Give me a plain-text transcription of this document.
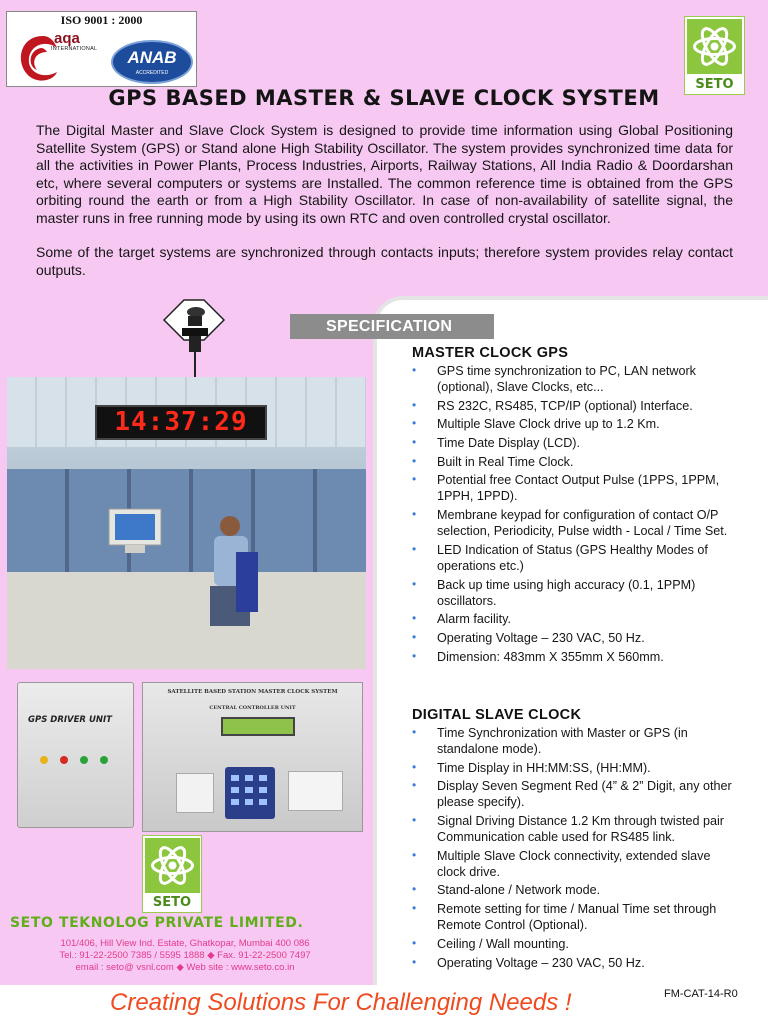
ISO 9001 : 2000
aqa
INTERNATIONAL	ANAB
ACCREDITED
SETO
GPS BASED MASTER & SLAVE CLOCK SYSTEM

The Digital Master and Slave Clock System is designed to provide time information using Global Positioning Satellite System (GPS) or Stand alone High Stability Oscillator. The system provides synchronized time data for all the activities in Power Plants, Process Industries, Airports, Railway Stations, All India Radio & Doordarshan etc, where several computers or systems are Installed. The common reference time is obtained from the GPS orbiting round the earth or from a High Stability Oscillator. In case of non-availability of satellite signal, the master runs in free running mode by using its own RTC and oven controlled crystal oscillator.

Some of the target systems are synchronized through contacts inputs; therefore system provides relay contact outputs.

SPECIFICATION
MASTER CLOCK GPS
• GPS time synchronization to PC, LAN network (optional), Slave Clocks, etc...
• RS 232C, RS485, TCP/IP (optional) Interface.
• Multiple Slave Clock drive up to 1.2 Km.
• Time Date Display (LCD).
• Built in Real Time Clock.
• Potential free Contact Output Pulse (1PPS, 1PPM, 1PPH, 1PPD).
• Membrane keypad for configuration of contact O/P selection, Periodicity, Pulse width - Local / Time Set.
• LED Indication of Status (GPS Healthy Modes of operations etc.)
• Back up time using high accuracy (0.1, 1PPM) oscillators.
• Alarm facility.
• Operating Voltage – 230 VAC, 50 Hz.
• Dimension: 483mm X 355mm X 560mm.
DIGITAL SLAVE CLOCK
• Time Synchronization with Master or GPS (in standalone mode).
• Time Display in HH:MM:SS, (HH:MM).
• Display Seven Segment Red (4” & 2” Digit, any other please specify).
• Signal Driving Distance 1.2 Km through twisted pair Communication cable used for RS485 link.
• Multiple Slave Clock connectivity, extended slave clock drive.
• Stand-alone / Network mode.
• Remote setting for time / Manual Time set through Remote Control (Optional).
• Ceiling / Wall mounting.
• Operating Voltage – 230 VAC, 50 Hz.
14:37:29
GPS DRIVER UNIT
SATELLITE BASED STATION MASTER CLOCK SYSTEM
CENTRAL CONTROLLER UNIT
SETO
SETO TEKNOLOG PRIVATE LIMITED.
101/406, Hill View Ind. Estate, Ghatkopar, Mumbai 400 086
Tel.: 91-22-2500 7385 / 5595 1888 ◆ Fax. 91-22-2500 7497
email : seto@ vsnl.com ◆ Web site : www.seto.co.in
Creating Solutions For Challenging Needs !	FM-CAT-14-R0
